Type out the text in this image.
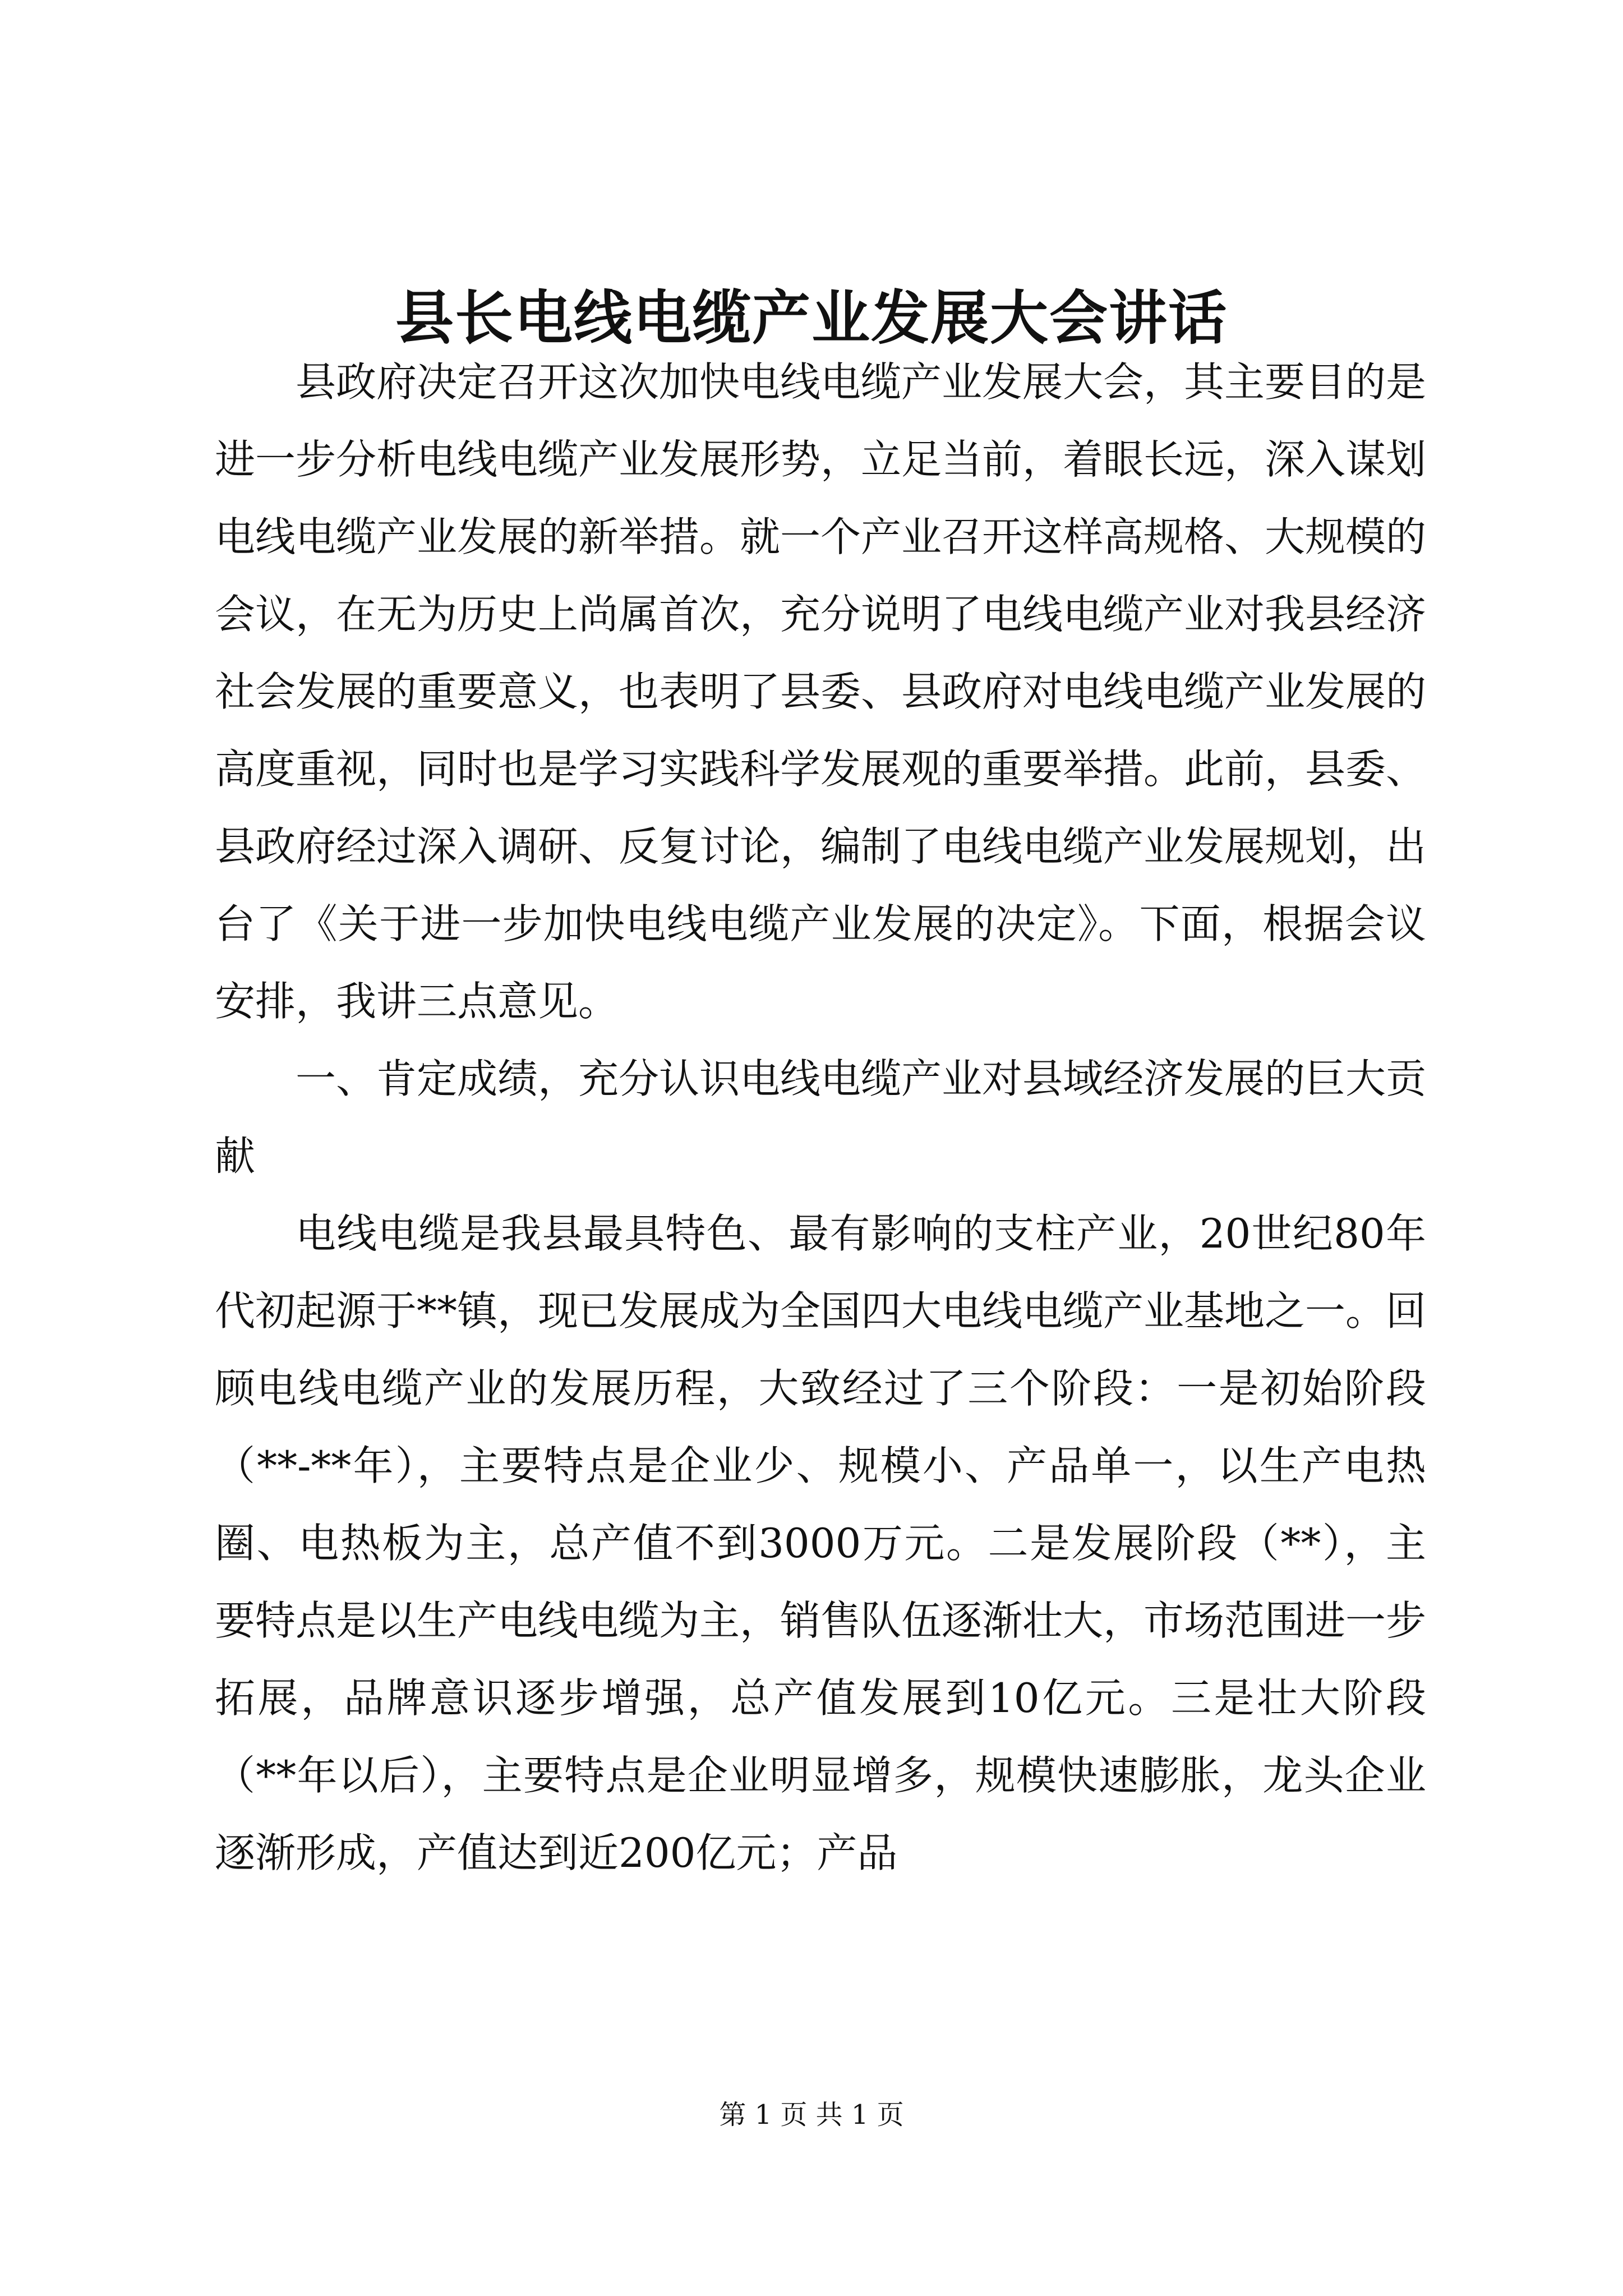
县长电线电缆产业发展大会讲话

县政府决定召开这次加快电线电缆产业发展大会，其主要目的是进一步分析电线电缆产业发展形势，立足当前，着眼长远，深入谋划电线电缆产业发展的新举措。就一个产业召开这样高规格、大规模的会议，在无为历史上尚属首次，充分说明了电线电缆产业对我县经济社会发展的重要意义，也表明了县委、县政府对电线电缆产业发展的高度重视，同时也是学习实践科学发展观的重要举措。此前，县委、县政府经过深入调研、反复讨论，编制了电线电缆产业发展规划，出台了《关于进一步加快电线电缆产业发展的决定》。下面，根据会议安排，我讲三点意见。

一、肯定成绩，充分认识电线电缆产业对县域经济发展的巨大贡献

电线电缆是我县最具特色、最有影响的支柱产业，20世纪80年代初起源于**镇，现已发展成为全国四大电线电缆产业基地之一。回顾电线电缆产业的发展历程，大致经过了三个阶段：一是初始阶段（**-**年），主要特点是企业少、规模小、产品单一，以生产电热圈、电热板为主，总产值不到3000万元。二是发展阶段（**），主要特点是以生产电线电缆为主，销售队伍逐渐壮大，市场范围进一步拓展，品牌意识逐步增强，总产值发展到10亿元。三是壮大阶段（**年以后），主要特点是企业明显增多，规模快速膨胀，龙头企业逐渐形成，产值达到近200亿元；产品

第 1 页 共 1 页
